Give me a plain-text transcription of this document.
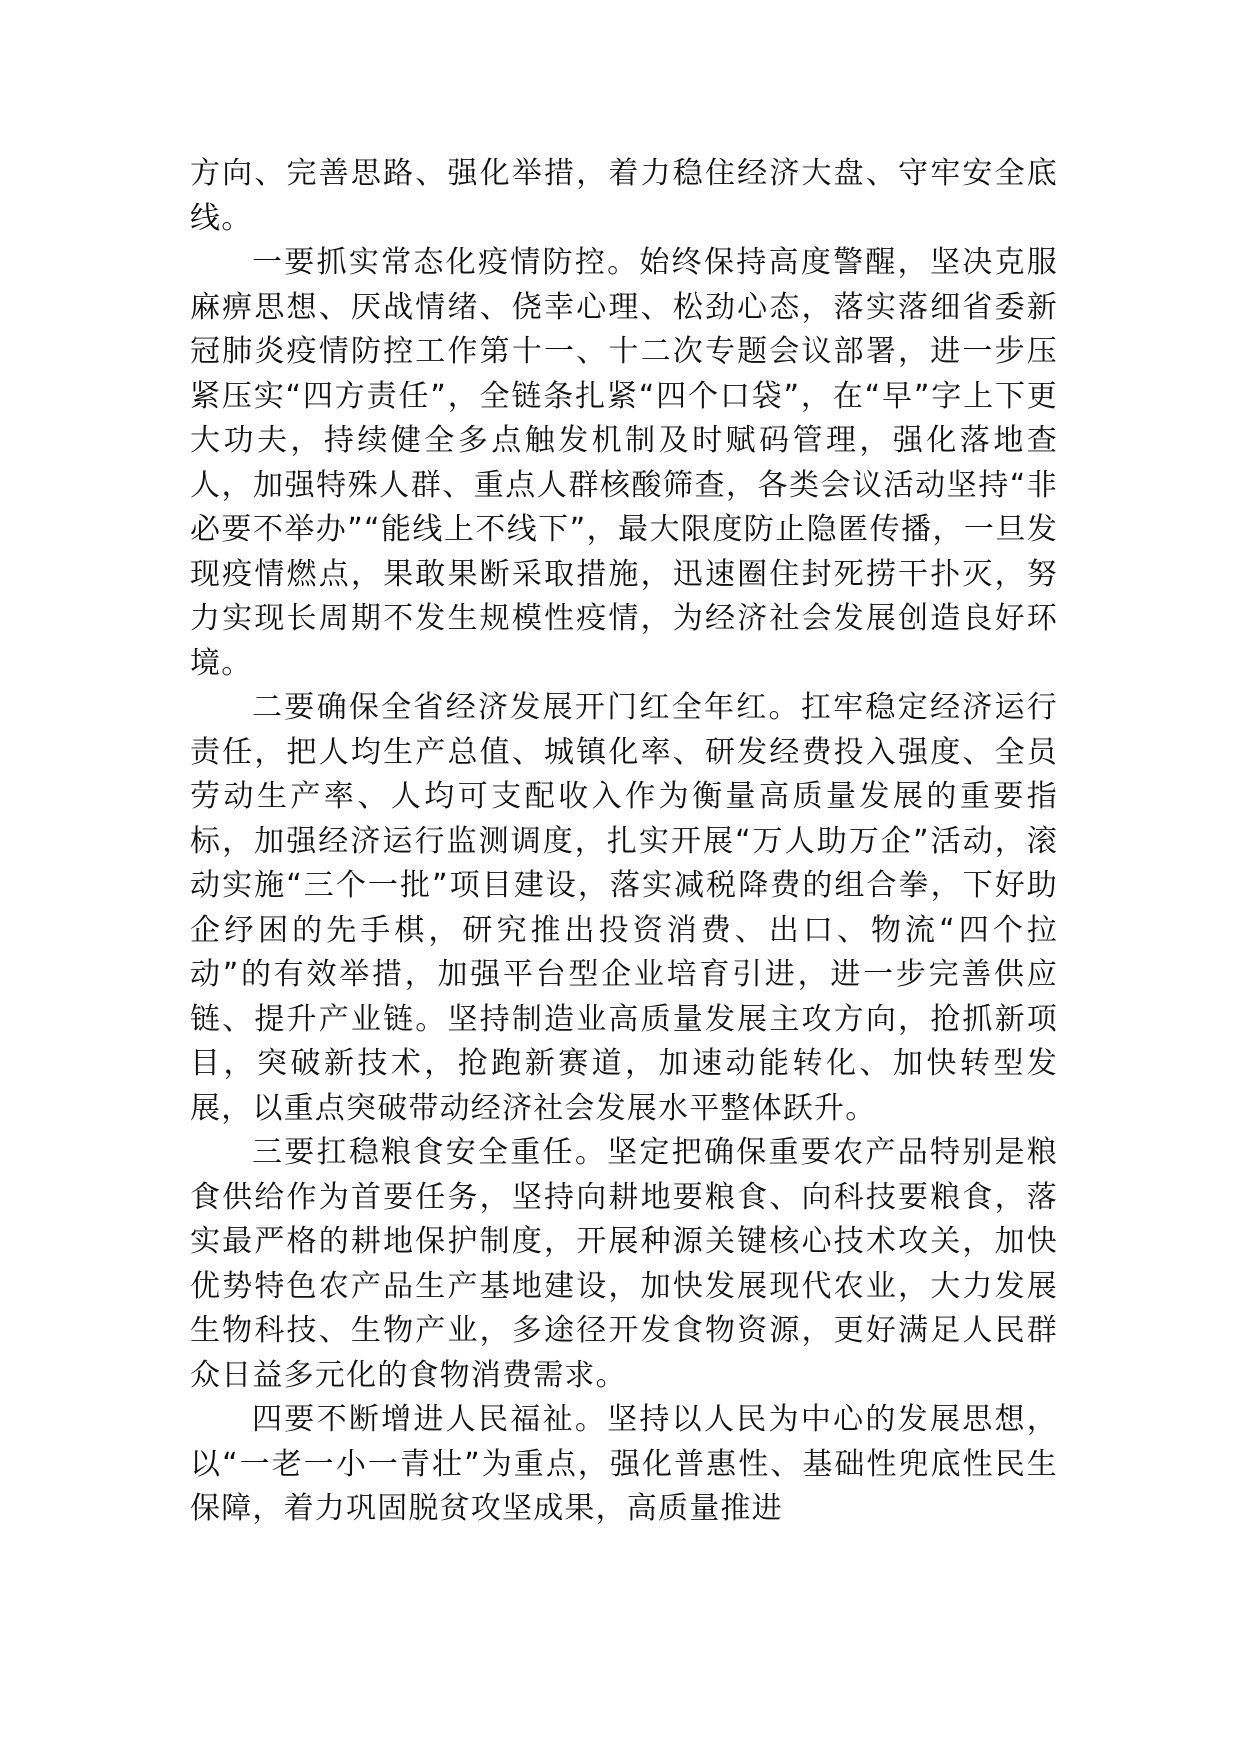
方向、完善思路、强化举措，着力稳住经济大盘、守牢安全底线。

一要抓实常态化疫情防控。始终保持高度警醒，坚决克服麻痹思想、厌战情绪、侥幸心理、松劲心态，落实落细省委新冠肺炎疫情防控工作第十一、十二次专题会议部署，进一步压紧压实“四方责任”，全链条扎紧“四个口袋”，在“早”字上下更大功夫，持续健全多点触发机制及时赋码管理，强化落地查人，加强特殊人群、重点人群核酸筛查，各类会议活动坚持“非必要不举办”“能线上不线下”，最大限度防止隐匿传播，一旦发现疫情燃点，果敢果断采取措施，迅速圈住封死捞干扑灭，努力实现长周期不发生规模性疫情，为经济社会发展创造良好环境。

二要确保全省经济发展开门红全年红。扛牢稳定经济运行责任，把人均生产总值、城镇化率、研发经费投入强度、全员劳动生产率、人均可支配收入作为衡量高质量发展的重要指标，加强经济运行监测调度，扎实开展“万人助万企”活动，滚动实施“三个一批”项目建设，落实减税降费的组合拳，下好助企纾困的先手棋，研究推出投资消费、出口、物流“四个拉动”的有效举措，加强平台型企业培育引进，进一步完善供应链、提升产业链。坚持制造业高质量发展主攻方向，抢抓新项目，突破新技术，抢跑新赛道，加速动能转化、加快转型发展，以重点突破带动经济社会发展水平整体跃升。

三要扛稳粮食安全重任。坚定把确保重要农产品特别是粮食供给作为首要任务，坚持向耕地要粮食、向科技要粮食，落实最严格的耕地保护制度，开展种源关键核心技术攻关，加快优势特色农产品生产基地建设，加快发展现代农业，大力发展生物科技、生物产业，多途径开发食物资源，更好满足人民群众日益多元化的食物消费需求。

四要不断增进人民福祉。坚持以人民为中心的发展思想，以“一老一小一青壮”为重点，强化普惠性、基础性兜底性民生保障，着力巩固脱贫攻坚成果，高质量推进
